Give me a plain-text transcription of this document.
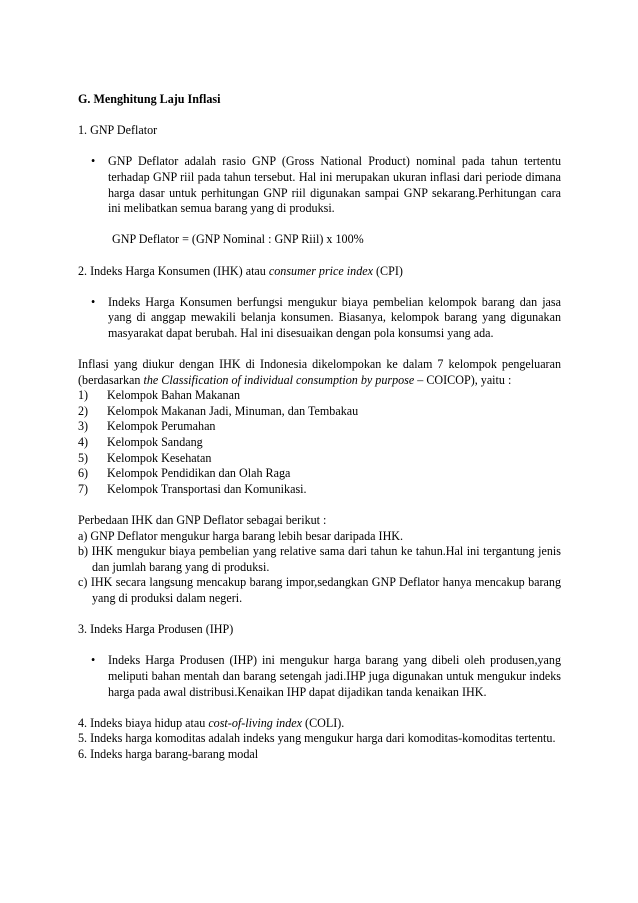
G. Menghitung Laju Inflasi

1. GNP Deflator

• GNP Deflator adalah rasio GNP (Gross National Product) nominal pada tahun tertentu terhadap GNP riil pada tahun tersebut. Hal ini merupakan ukuran inflasi dari periode dimana harga dasar untuk perhitungan GNP riil digunakan sampai GNP sekarang.Perhitungan cara ini melibatkan semua barang yang di produksi.

GNP Deflator = (GNP Nominal : GNP Riil) x 100%

2. Indeks Harga Konsumen (IHK) atau consumer price index (CPI)

• Indeks Harga Konsumen berfungsi mengukur biaya pembelian kelompok barang dan jasa yang di anggap mewakili belanja konsumen. Biasanya, kelompok barang yang digunakan masyarakat dapat berubah. Hal ini disesuaikan dengan pola konsumsi yang ada.

Inflasi yang diukur dengan IHK di Indonesia dikelompokan ke dalam 7 kelompok pengeluaran (berdasarkan the Classification of individual consumption by purpose – COICOP), yaitu :

1) Kelompok Bahan Makanan
2) Kelompok Makanan Jadi, Minuman, dan Tembakau
3) Kelompok Perumahan
4) Kelompok Sandang
5) Kelompok Kesehatan
6) Kelompok Pendidikan dan Olah Raga
7) Kelompok Transportasi dan Komunikasi.

Perbedaan IHK dan GNP Deflator sebagai berikut :

a) GNP Deflator mengukur harga barang lebih besar daripada IHK.

b) IHK mengukur biaya pembelian yang relative sama dari tahun ke tahun.Hal ini tergantung jenis dan jumlah barang yang di produksi.

c) IHK secara langsung mencakup barang impor,sedangkan GNP Deflator hanya mencakup barang yang di produksi dalam negeri.

3. Indeks Harga Produsen (IHP)

• Indeks Harga Produsen (IHP) ini mengukur harga barang yang dibeli oleh produsen,yang meliputi bahan mentah dan barang setengah jadi.IHP juga digunakan untuk mengukur indeks harga pada awal distribusi.Kenaikan IHP dapat dijadikan tanda kenaikan IHK.

4. Indeks biaya hidup atau cost-of-living index (COLI).

5. Indeks harga komoditas adalah indeks yang mengukur harga dari komoditas-komoditas tertentu.

6. Indeks harga barang-barang modal
